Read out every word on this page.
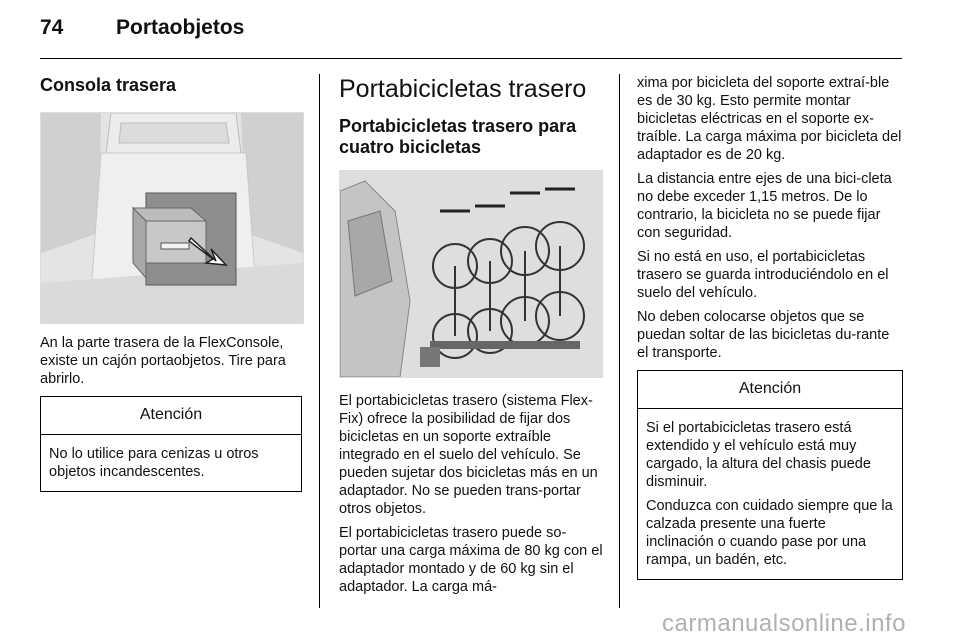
74	Portaobjetos
Consola trasera

An la parte trasera de la FlexConsole, existe un cajón portaobjetos. Tire para abrirlo.

Atención

No lo utilice para cenizas u otros objetos incandescentes.

Portabicicletas trasero
Portabicicletas trasero para cuatro bicicletas

El portabicicletas trasero (sistema Flex-Fix) ofrece la posibilidad de fijar dos bicicletas en un soporte extraíble integrado en el suelo del vehículo. Se pueden sujetar dos bicicletas más en un adaptador. No se pueden trans-portar otros objetos.

El portabicicletas trasero puede so-portar una carga máxima de 80 kg con el adaptador montado y de 60 kg sin el adaptador. La carga má-

xima por bicicleta del soporte extraí-ble es de 30 kg. Esto permite montar bicicletas eléctricas en el soporte ex-traíble. La carga máxima por bicicleta del adaptador es de 20 kg.

La distancia entre ejes de una bici-cleta no debe exceder 1,15 metros. De lo contrario, la bicicleta no se puede fijar con seguridad.

Si no está en uso, el portabicicletas trasero se guarda introduciéndolo en el suelo del vehículo.

No deben colocarse objetos que se puedan soltar de las bicicletas du-rante el transporte.

Atención

Si el portabicicletas trasero está extendido y el vehículo está muy cargado, la altura del chasis puede disminuir.

Conduzca con cuidado siempre que la calzada presente una fuerte inclinación o cuando pase por una rampa, un badén, etc.

carmanualsonline.info
